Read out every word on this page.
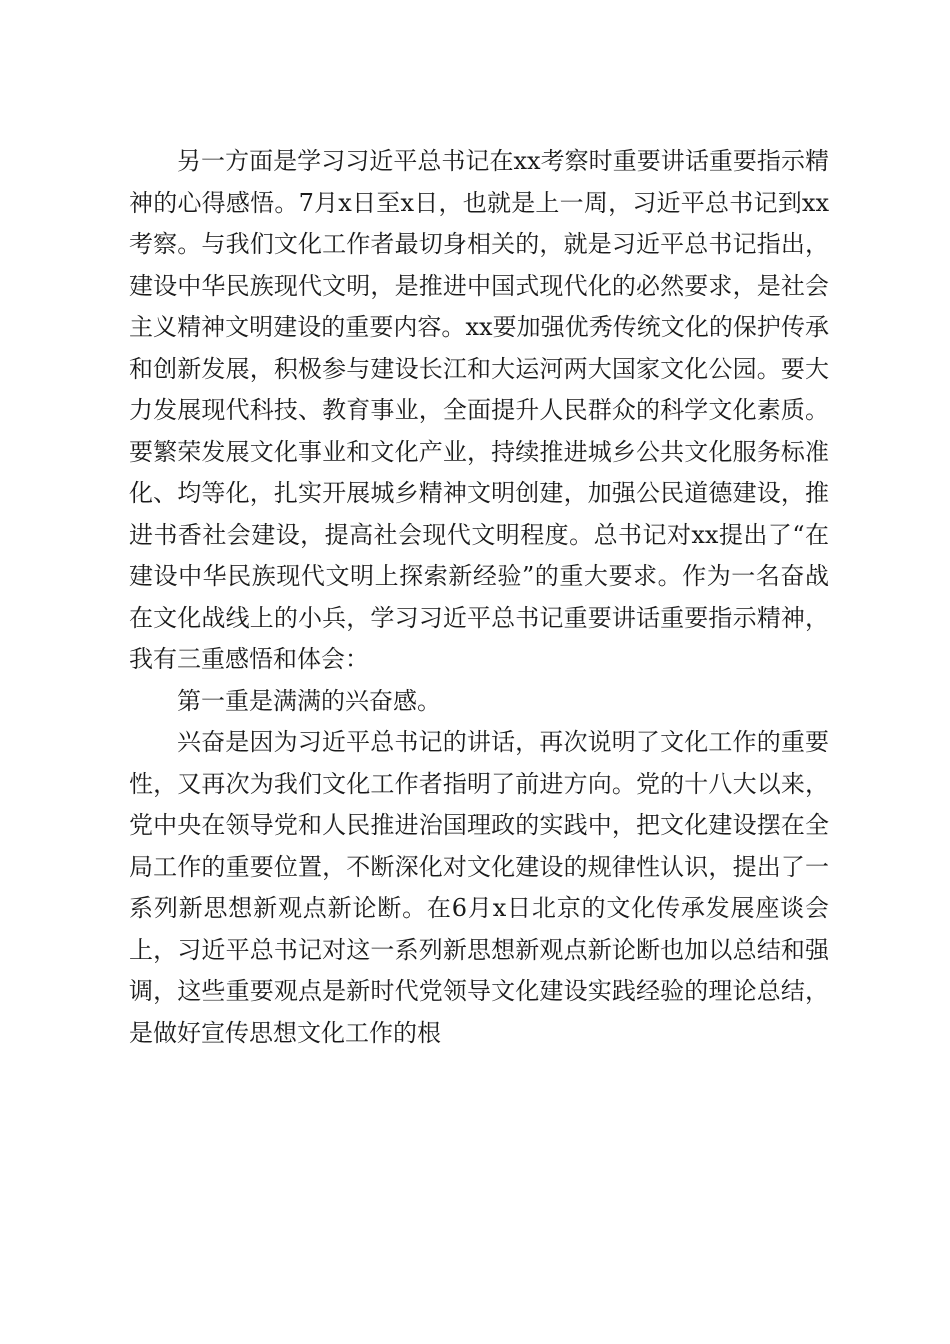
另一方面是学习习近平总书记在xx考察时重要讲话重要指示精神的心得感悟。7月x日至x日，也就是上一周，习近平总书记到xx考察。与我们文化工作者最切身相关的，就是习近平总书记指出，建设中华民族现代文明，是推进中国式现代化的必然要求，是社会主义精神文明建设的重要内容。xx要加强优秀传统文化的保护传承和创新发展，积极参与建设长江和大运河两大国家文化公园。要大力发展现代科技、教育事业，全面提升人民群众的科学文化素质。要繁荣发展文化事业和文化产业，持续推进城乡公共文化服务标准化、均等化，扎实开展城乡精神文明创建，加强公民道德建设，推进书香社会建设，提高社会现代文明程度。总书记对xx提出了“在建设中华民族现代文明上探索新经验”的重大要求。作为一名奋战在文化战线上的小兵，学习习近平总书记重要讲话重要指示精神，我有三重感悟和体会：

第一重是满满的兴奋感。

兴奋是因为习近平总书记的讲话，再次说明了文化工作的重要性，又再次为我们文化工作者指明了前进方向。党的十八大以来，党中央在领导党和人民推进治国理政的实践中，把文化建设摆在全局工作的重要位置，不断深化对文化建设的规律性认识，提出了一系列新思想新观点新论断。在6月x日北京的文化传承发展座谈会上，习近平总书记对这一系列新思想新观点新论断也加以总结和强调，这些重要观点是新时代党领导文化建设实践经验的理论总结，是做好宣传思想文化工作的根
